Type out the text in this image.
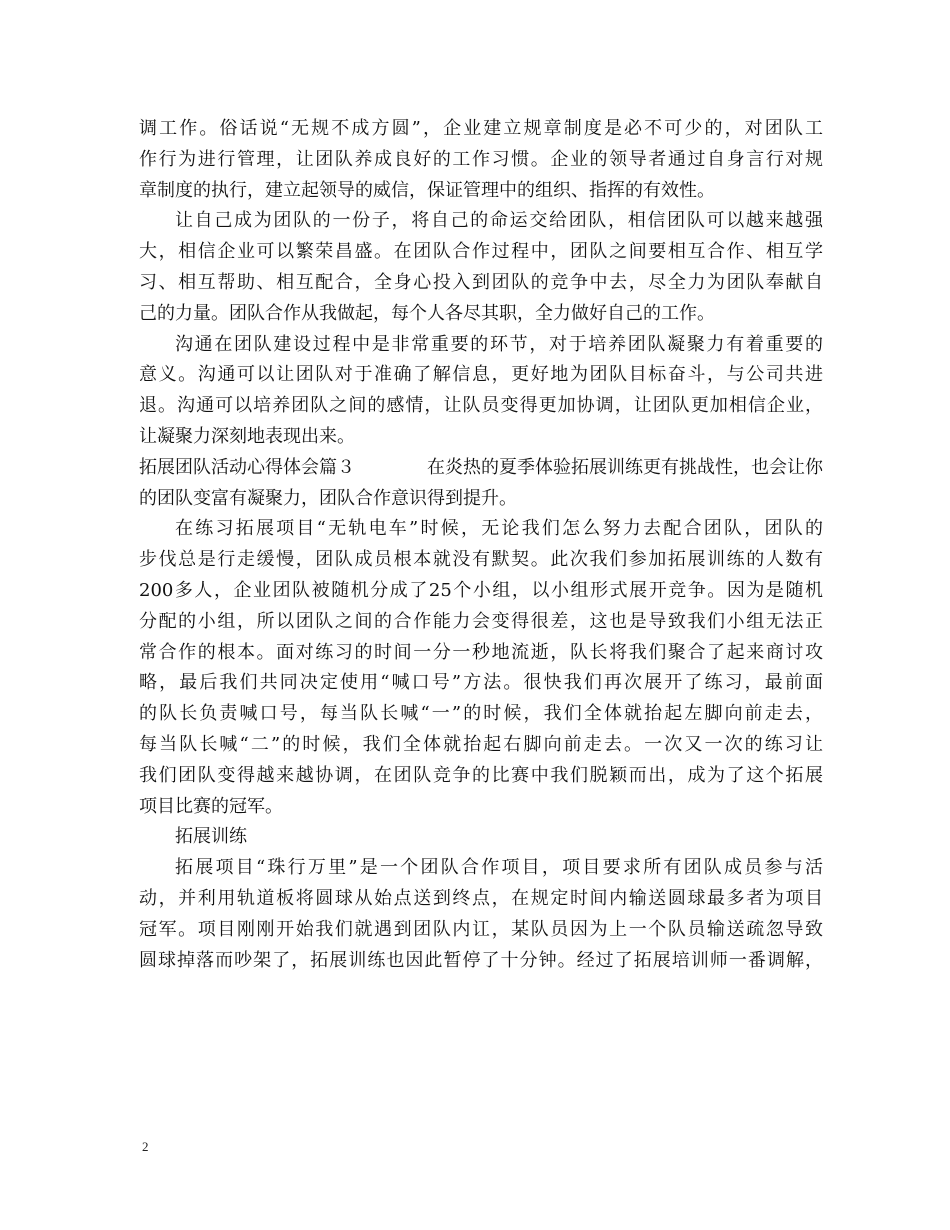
调工作。俗话说“无规不成方圆”，企业建立规章制度是必不可少的，对团队工
作行为进行管理，让团队养成良好的工作习惯。企业的领导者通过自身言行对规
章制度的执行，建立起领导的威信，保证管理中的组织、指挥的有效性。
让自己成为团队的一份子，将自己的命运交给团队，相信团队可以越来越强
大，相信企业可以繁荣昌盛。在团队合作过程中，团队之间要相互合作、相互学
习、相互帮助、相互配合，全身心投入到团队的竞争中去，尽全力为团队奉献自
己的力量。团队合作从我做起，每个人各尽其职，全力做好自己的工作。
沟通在团队建设过程中是非常重要的环节，对于培养团队凝聚力有着重要的
意义。沟通可以让团队对于准确了解信息，更好地为团队目标奋斗，与公司共进
退。沟通可以培养团队之间的感情，让队员变得更加协调，让团队更加相信企业，
让凝聚力深刻地表现出来。
拓展团队活动心得体会篇３	在炎热的夏季体验拓展训练更有挑战性，也会让你
的团队变富有凝聚力，团队合作意识得到提升。
在练习拓展项目“无轨电车”时候，无论我们怎么努力去配合团队，团队的
步伐总是行走缓慢，团队成员根本就没有默契。此次我们参加拓展训练的人数有
200多人，企业团队被随机分成了25个小组，以小组形式展开竞争。因为是随机
分配的小组，所以团队之间的合作能力会变得很差，这也是导致我们小组无法正
常合作的根本。面对练习的时间一分一秒地流逝，队长将我们聚合了起来商讨攻
略，最后我们共同决定使用“喊口号”方法。很快我们再次展开了练习，最前面
的队长负责喊口号，每当队长喊“一”的时候，我们全体就抬起左脚向前走去，
每当队长喊“二”的时候，我们全体就抬起右脚向前走去。一次又一次的练习让
我们团队变得越来越协调，在团队竞争的比赛中我们脱颖而出，成为了这个拓展
项目比赛的冠军。
拓展训练
拓展项目“珠行万里”是一个团队合作项目，项目要求所有团队成员参与活
动，并利用轨道板将圆球从始点送到终点，在规定时间内输送圆球最多者为项目
冠军。项目刚刚开始我们就遇到团队内讧，某队员因为上一个队员输送疏忽导致
圆球掉落而吵架了，拓展训练也因此暂停了十分钟。经过了拓展培训师一番调解，
2
